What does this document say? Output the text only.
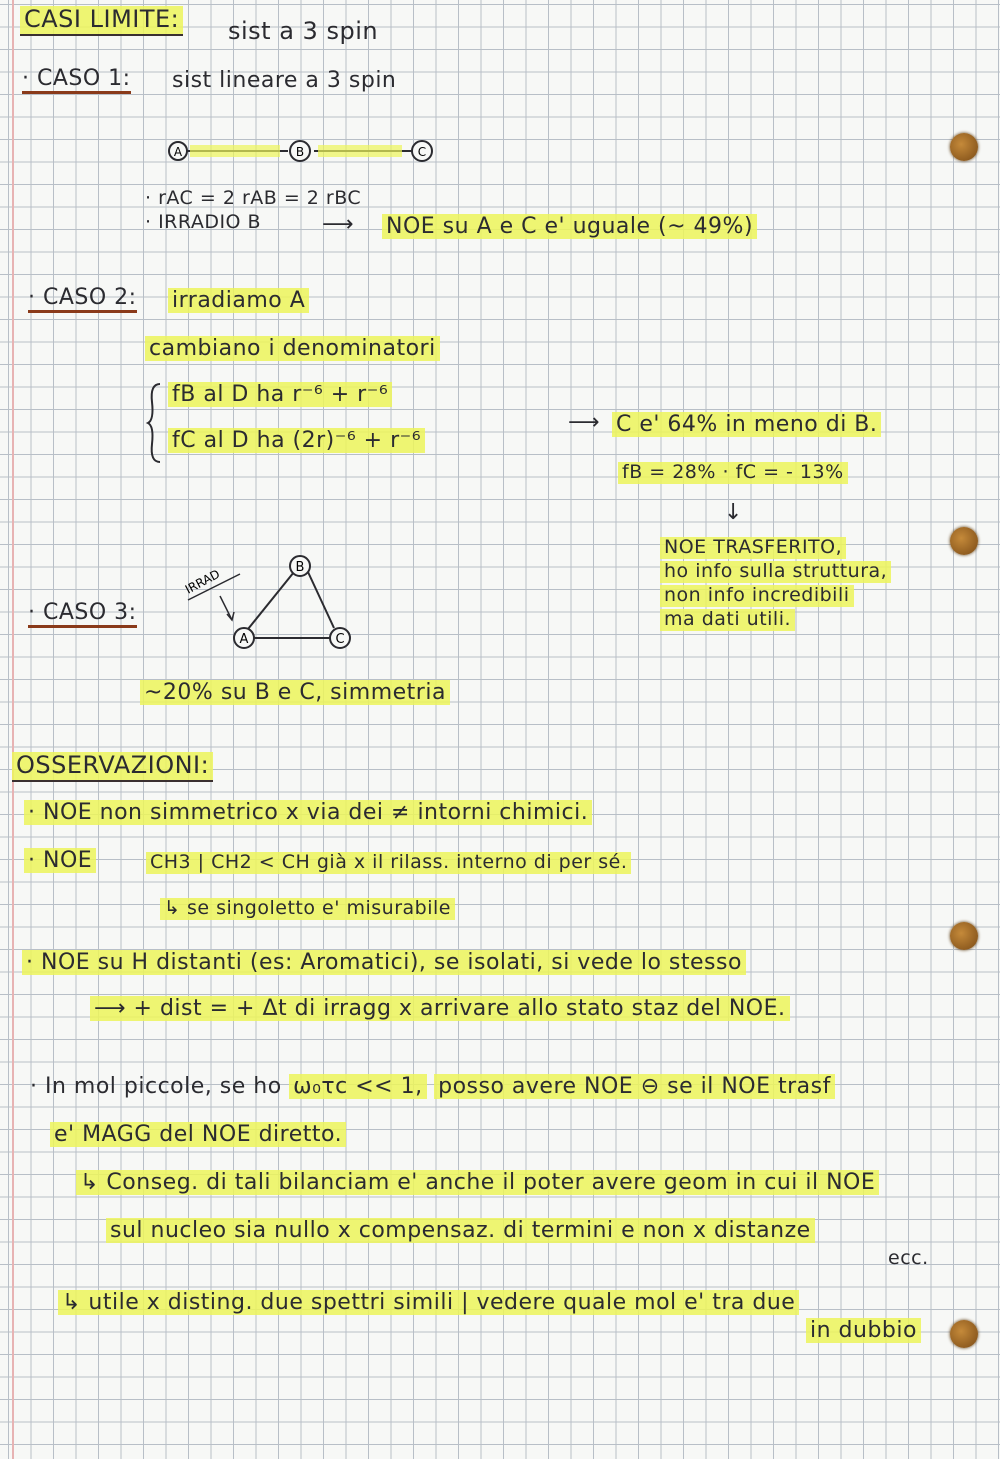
CASI LIMITE: sist a 3 spin
· CASO 1: sist lineare a 3 spin
A	B	C
· rAC = 2 rAB = 2 rBC
· IRRADIO B	⟶ NOE su A e C e' uguale (~ 49%)
· CASO 2: irradiamo A
cambiano i denominatori
fB al D ha r⁻⁶ + r⁻⁶
fC al D ha (2r)⁻⁶ + r⁻⁶
⟶ C e' 64% in meno di B.
fB = 28% · fC = - 13%
↓
NOE TRASFERITO,
ho info sulla struttura,
non info incredibili
ma dati utili.
· CASO 3:
A
B
C
IRRAD
~20% su B e C, simmetria
OSSERVAZIONI:
· NOE non simmetrico x via dei ≠ intorni chimici.
· NOE	CH3 | CH2 < CH già x il rilass. interno di per sé.
↳ se singoletto e' misurabile
· NOE su H distanti (es: Aromatici), se isolati, si vede lo stesso
⟶ + dist = + Δt di irragg x arrivare allo stato staz del NOE.
· In mol piccole, se ho ω₀τc << 1, posso avere NOE ⊖ se il NOE trasf
e' MAGG del NOE diretto.
↳ Conseg. di tali bilanciam e' anche il poter avere geom in cui il NOE
sul nucleo sia nullo x compensaz. di termini e non x distanze
ecc.
↳ utile x disting. due spettri simili | vedere quale mol e' tra due
in dubbio
